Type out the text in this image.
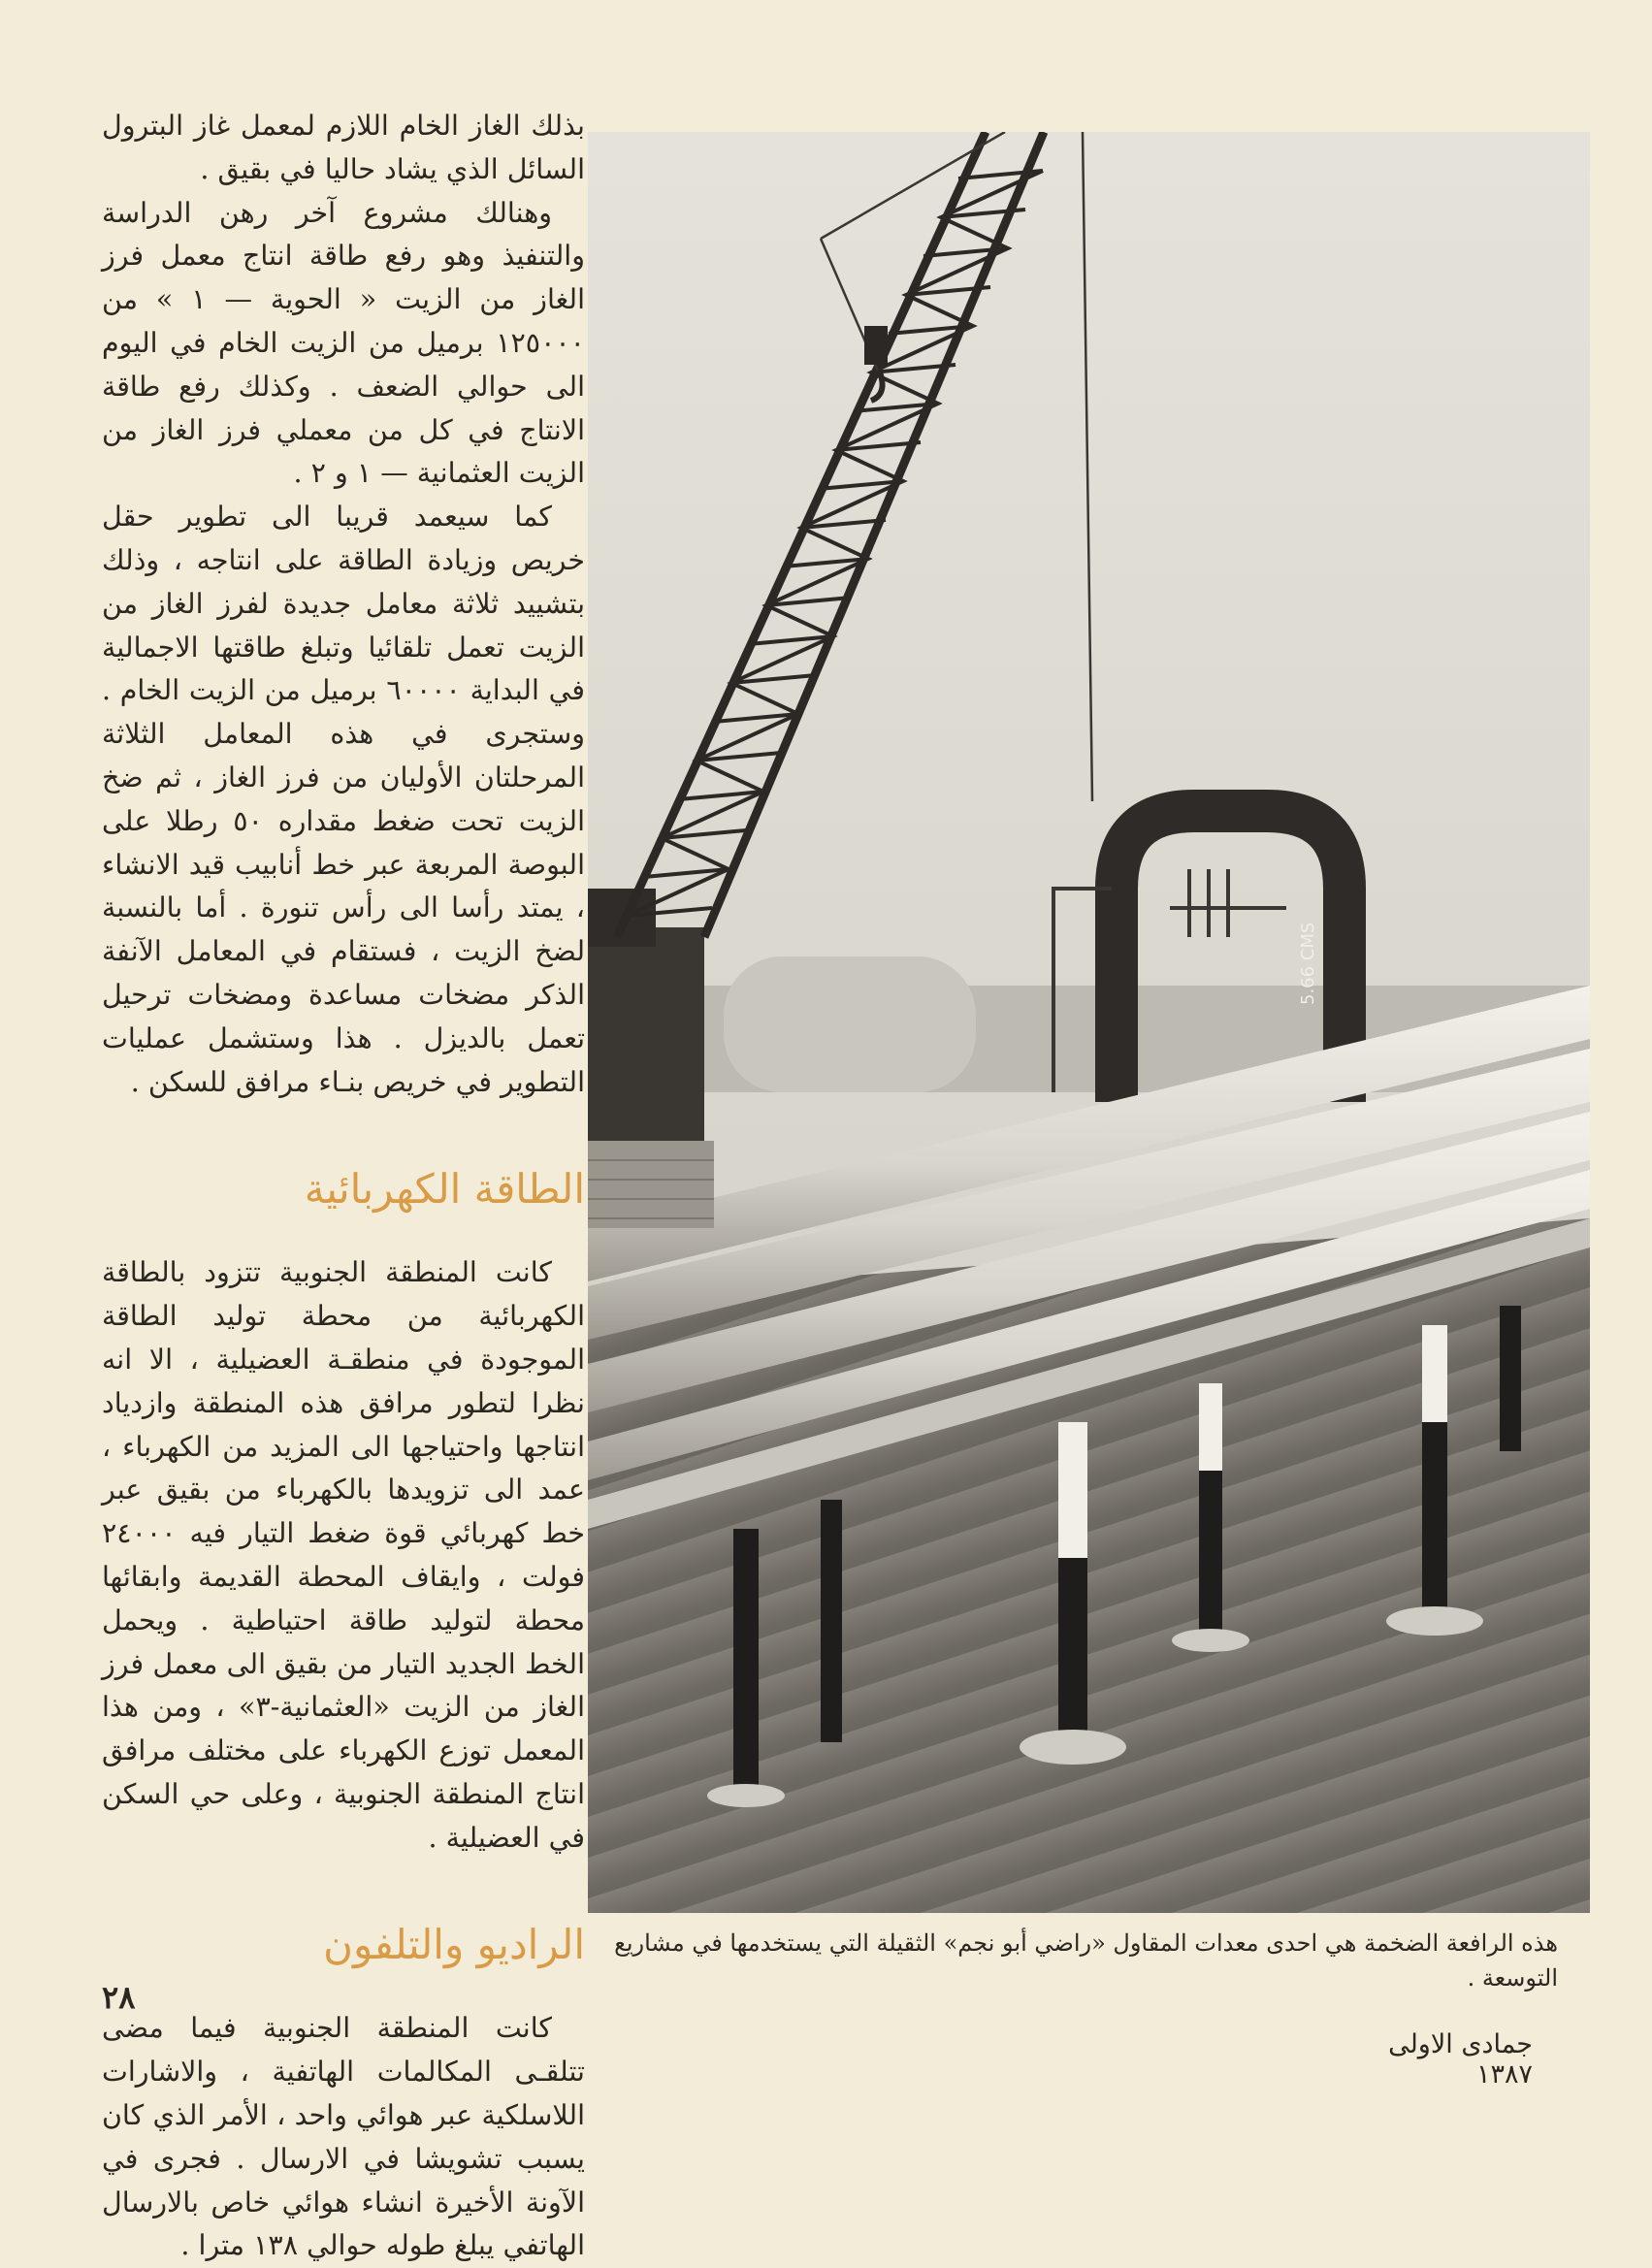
بذلك الغاز الخام اللازم لمعمل غاز البترول السائل الذي يشاد حاليا في بقيق .

وهنالك مشروع آخر رهن الدراسة والتنفيذ وهو رفع طاقة انتاج معمل فرز الغاز من الزيت « الحوية — ١ » من ١٢٥٠٠٠ برميل من الزيت الخام في اليوم الى حوالي الضعف . وكذلك رفع طاقة الانتاج في كل من معملي فرز الغاز من الزيت العثمانية — ١ و ٢ .

كما سيعمد قريبا الى تطوير حقل خريص وزيادة الطاقة على انتاجه ، وذلك بتشييد ثلاثة معامل جديدة لفرز الغاز من الزيت تعمل تلقائيا وتبلغ طاقتها الاجمالية في البداية ٦٠٠٠٠ برميل من الزيت الخام . وستجرى في هذه المعامل الثلاثة المرحلتان الأوليان من فرز الغاز ، ثم ضخ الزيت تحت ضغط مقداره ٥٠ رطلا على البوصة المربعة عبر خط أنابيب قيد الانشاء ، يمتد رأسا الى رأس تنورة . أما بالنسبة لضخ الزيت ، فستقام في المعامل الآنفة الذكر مضخات مساعدة ومضخات ترحيل تعمل بالديزل . هذا وستشمل عمليات التطوير في خريص بنـاء مرافق للسكن .

الطاقة الكهربائية

كانت المنطقة الجنوبية تتزود بالطاقة الكهربائية من محطة توليد الطاقة الموجودة في منطقـة العضيلية ، الا انه نظرا لتطور مرافق هذه المنطقة وازدياد انتاجها واحتياجها الى المزيد من الكهرباء ، عمد الى تزويدها بالكهرباء من بقيق عبر خط كهربائي قوة ضغط التيار فيه ٢٤٠٠٠ فولت ، وايقاف المحطة القديمة وابقائها محطة لتوليد طاقة احتياطية . ويحمل الخط الجديد التيار من بقيق الى معمل فرز الغاز من الزيت «العثمانية-٣» ، ومن هذا المعمل توزع الكهرباء على مختلف مرافق انتاج المنطقة الجنوبية ، وعلى حي السكن في العضيلية .

الراديو والتلفون

كانت المنطقة الجنوبية فيما مضى تتلقـى المكالمات الهاتفية ، والاشارات اللاسلكية عبر هوائي واحد ، الأمر الذي كان يسبب تشويشا في الارسال . فجرى في الآونة الأخيرة انشاء هوائي خاص بالارسال الهاتفي يبلغ طوله حوالي ١٣٨ مترا .

5.66 CMS
هذه الرافعة الضخمة هي احدى معدات المقاول «راضي أبو نجم» الثقيلة التي يستخدمها في مشاريع التوسعة .
٢٨
جمادى الاولى ١٣٨٧
